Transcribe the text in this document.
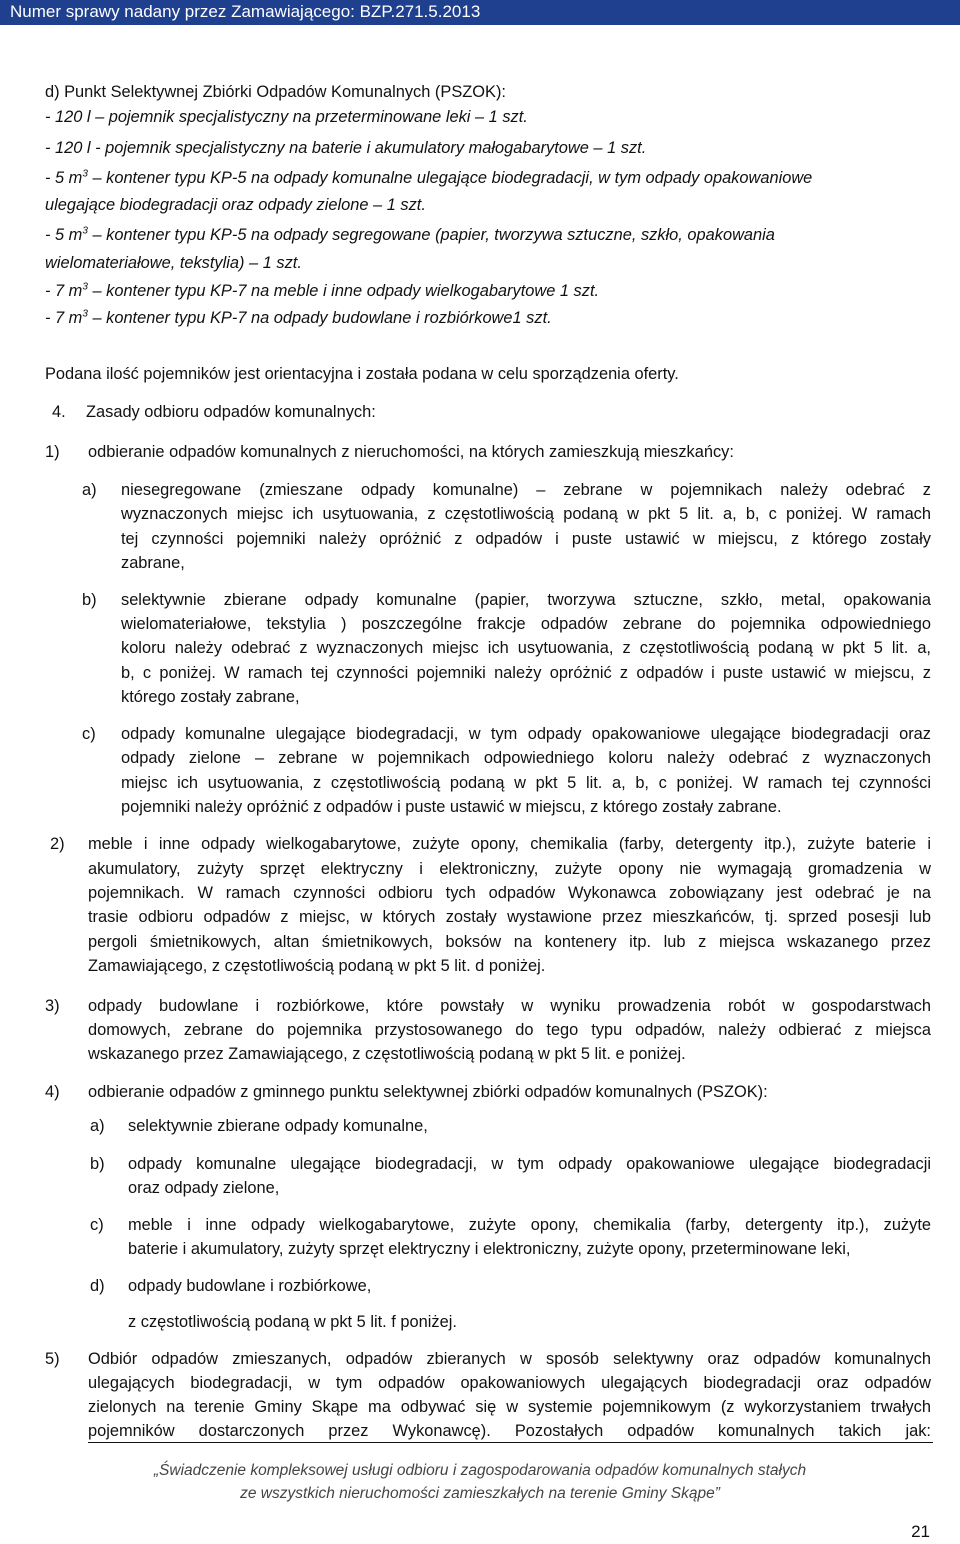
Numer sprawy nadany przez Zamawiającego: BZP.271.5.2013
d) Punkt Selektywnej Zbiórki Odpadów Komunalnych (PSZOK):
- 120 l – pojemnik specjalistyczny na przeterminowane leki – 1 szt.
- 120 l - pojemnik specjalistyczny na baterie i akumulatory małogabarytowe – 1 szt.
- 5 $m^3$ – kontener typu KP-5 na odpady komunalne ulegające biodegradacji, w tym odpady opakowaniowe
ulegające biodegradacji oraz odpady zielone – 1 szt.
- 5 $m^3$ – kontener typu KP-5 na odpady segregowane (papier, tworzywa sztuczne, szkło, opakowania
wielomateriałowe, tekstylia) – 1 szt.
- 7 $m^3$ – kontener typu KP-7 na meble i inne odpady wielkogabarytowe 1 szt.
- 7 $m^3$ – kontener typu KP-7 na odpady budowlane i rozbiórkowe1 szt.
Podana ilość pojemników jest orientacyjna i została podana w celu sporządzenia oferty.
4. Zasady odbioru odpadów komunalnych:
1) odbieranie odpadów komunalnych z nieruchomości, na których zamieszkują mieszkańcy:
a) niesegregowane (zmieszane odpady komunalne) – zebrane w pojemnikach należy odebrać z
wyznaczonych miejsc ich usytuowania, z częstotliwością podaną w pkt 5 lit. a, b, c poniżej. W ramach
tej czynności pojemniki należy opróżnić z odpadów i puste ustawić w miejscu, z którego zostały
zabrane,
b) selektywnie zbierane odpady komunalne (papier, tworzywa sztuczne, szkło, metal, opakowania
wielomateriałowe, tekstylia ) poszczególne frakcje odpadów zebrane do pojemnika odpowiedniego
koloru należy odebrać z wyznaczonych miejsc ich usytuowania, z częstotliwością podaną w pkt 5 lit. a,
b, c poniżej. W ramach tej czynności pojemniki należy opróżnić z odpadów i puste ustawić w miejscu, z
którego zostały zabrane,
c) odpady komunalne ulegające biodegradacji, w tym odpady opakowaniowe ulegające biodegradacji oraz
odpady zielone – zebrane w pojemnikach odpowiedniego koloru należy odebrać z wyznaczonych
miejsc ich usytuowania, z częstotliwością podaną w pkt 5 lit. a, b, c poniżej. W ramach tej czynności
pojemniki należy opróżnić z odpadów i puste ustawić w miejscu, z którego zostały zabrane.
2) meble i inne odpady wielkogabarytowe, zużyte opony, chemikalia (farby, detergenty itp.), zużyte baterie i
akumulatory, zużyty sprzęt elektryczny i elektroniczny, zużyte opony nie wymagają gromadzenia w
pojemnikach. W ramach czynności odbioru tych odpadów Wykonawca zobowiązany jest odebrać je na
trasie odbioru odpadów z miejsc, w których zostały wystawione przez mieszkańców, tj. sprzed posesji lub
pergoli śmietnikowych, altan śmietnikowych, boksów na kontenery itp. lub z miejsca wskazanego przez
Zamawiającego, z częstotliwością podaną w pkt 5 lit. d poniżej.
3) odpady budowlane i rozbiórkowe, które powstały w wyniku prowadzenia robót w gospodarstwach
domowych, zebrane do pojemnika przystosowanego do tego typu odpadów, należy odbierać z miejsca
wskazanego przez Zamawiającego, z częstotliwością podaną w pkt 5 lit. e poniżej.
4) odbieranie odpadów z gminnego punktu selektywnej zbiórki odpadów komunalnych (PSZOK):
a) selektywnie zbierane odpady komunalne,
b) odpady komunalne ulegające biodegradacji, w tym odpady opakowaniowe ulegające biodegradacji
oraz odpady zielone,
c) meble i inne odpady wielkogabarytowe, zużyte opony, chemikalia (farby, detergenty itp.), zużyte
baterie i akumulatory, zużyty sprzęt elektryczny i elektroniczny, zużyte opony, przeterminowane leki,
d) odpady budowlane i rozbiórkowe,
z częstotliwością podaną w pkt 5 lit. f poniżej.
5) Odbiór odpadów zmieszanych, odpadów zbieranych w sposób selektywny oraz odpadów komunalnych
ulegających biodegradacji, w tym odpadów opakowaniowych ulegających biodegradacji oraz odpadów
zielonych na terenie Gminy Skąpe ma odbywać się w systemie pojemnikowym (z wykorzystaniem trwałych
pojemników dostarczonych przez Wykonawcę). Pozostałych odpadów komunalnych takich jak:
„Świadczenie kompleksowej usługi odbioru i zagospodarowania odpadów komunalnych stałych
ze wszystkich nieruchomości zamieszkałych na terenie Gminy Skąpe”
21
